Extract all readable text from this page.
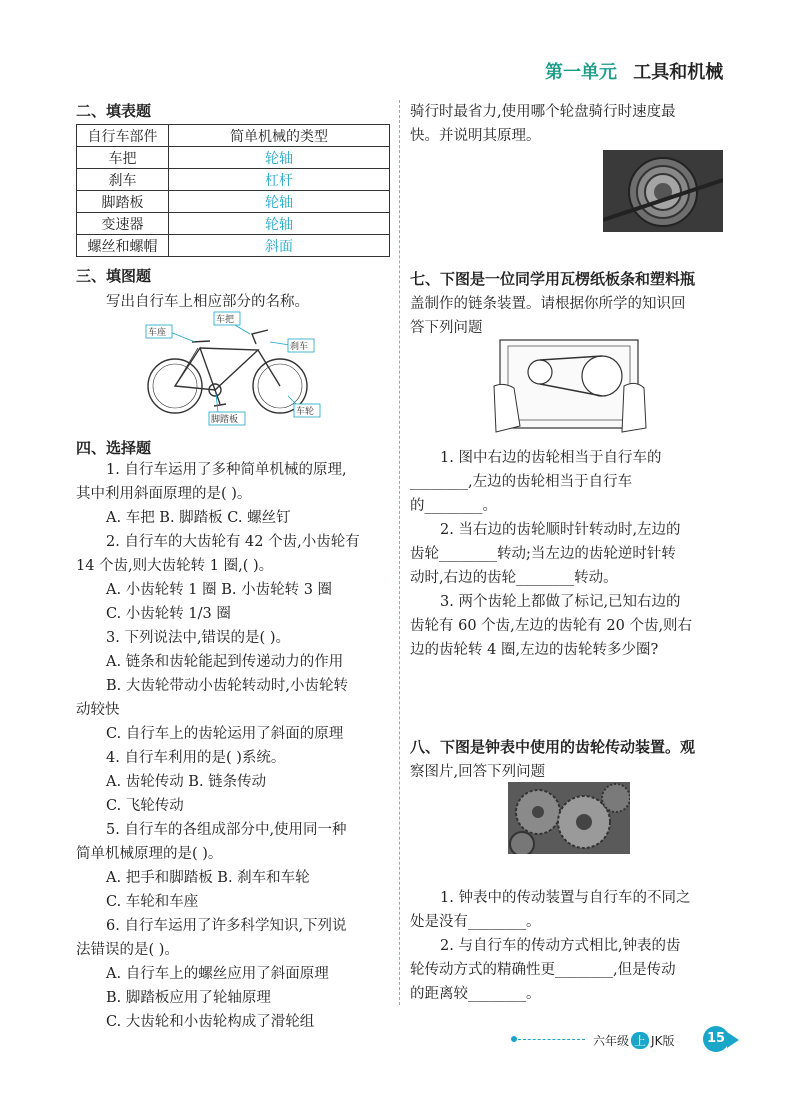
第一单元 工具和机械
二、填表题
自行车部件	简单机械的类型
车把	轮轴
刹车	杠杆
脚踏板	轮轴
变速器	轮轴
螺丝和螺帽	斜面
三、填图题
写出自行车上相应部分的名称。
车座
车把
刹车
脚踏板
车轮
四、选择题
1. 自行车运用了多种简单机械的原理,
其中利用斜面原理的是( )。
A. 车把 B. 脚踏板 C. 螺丝钉
2. 自行车的大齿轮有 42 个齿,小齿轮有
14 个齿,则大齿轮转 1 圈,( )。
A. 小齿轮转 1 圈 B. 小齿轮转 3 圈
C. 小齿轮转 1/3 圈
3. 下列说法中,错误的是( )。
A. 链条和齿轮能起到传递动力的作用
B. 大齿轮带动小齿轮转动时,小齿轮转
动较快
C. 自行车上的齿轮运用了斜面的原理
4. 自行车利用的是( )系统。
A. 齿轮传动 B. 链条传动
C. 飞轮传动
5. 自行车的各组成部分中,使用同一种
简单机械原理的是( )。
A. 把手和脚踏板 B. 刹车和车轮
C. 车轮和车座
6. 自行车运用了许多科学知识,下列说
法错误的是( )。
A. 自行车上的螺丝应用了斜面原理
B. 脚踏板应用了轮轴原理
C. 大齿轮和小齿轮构成了滑轮组
骑行时最省力,使用哪个轮盘骑行时速度最
快。并说明其原理。
七、下图是一位同学用瓦楞纸板条和塑料瓶
盖制作的链条装置。请根据你所学的知识回
答下列问题
1. 图中右边的齿轮相当于自行车的
________,左边的齿轮相当于自行车
的________。
2. 当右边的齿轮顺时针转动时,左边的
齿轮________转动;当左边的齿轮逆时针转
动时,右边的齿轮________转动。
3. 两个齿轮上都做了标记,已知右边的
齿轮有 60 个齿,左边的齿轮有 20 个齿,则右
边的齿轮转 4 圈,左边的齿轮转多少圈?
八、下图是钟表中使用的齿轮传动装置。观
察图片,回答下列问题
1. 钟表中的传动装置与自行车的不同之
处是没有________。
2. 与自行车的传动方式相比,钟表的齿
轮传动方式的精确性更________,但是传动
的距离较________。
六年级 上 JK版	15
